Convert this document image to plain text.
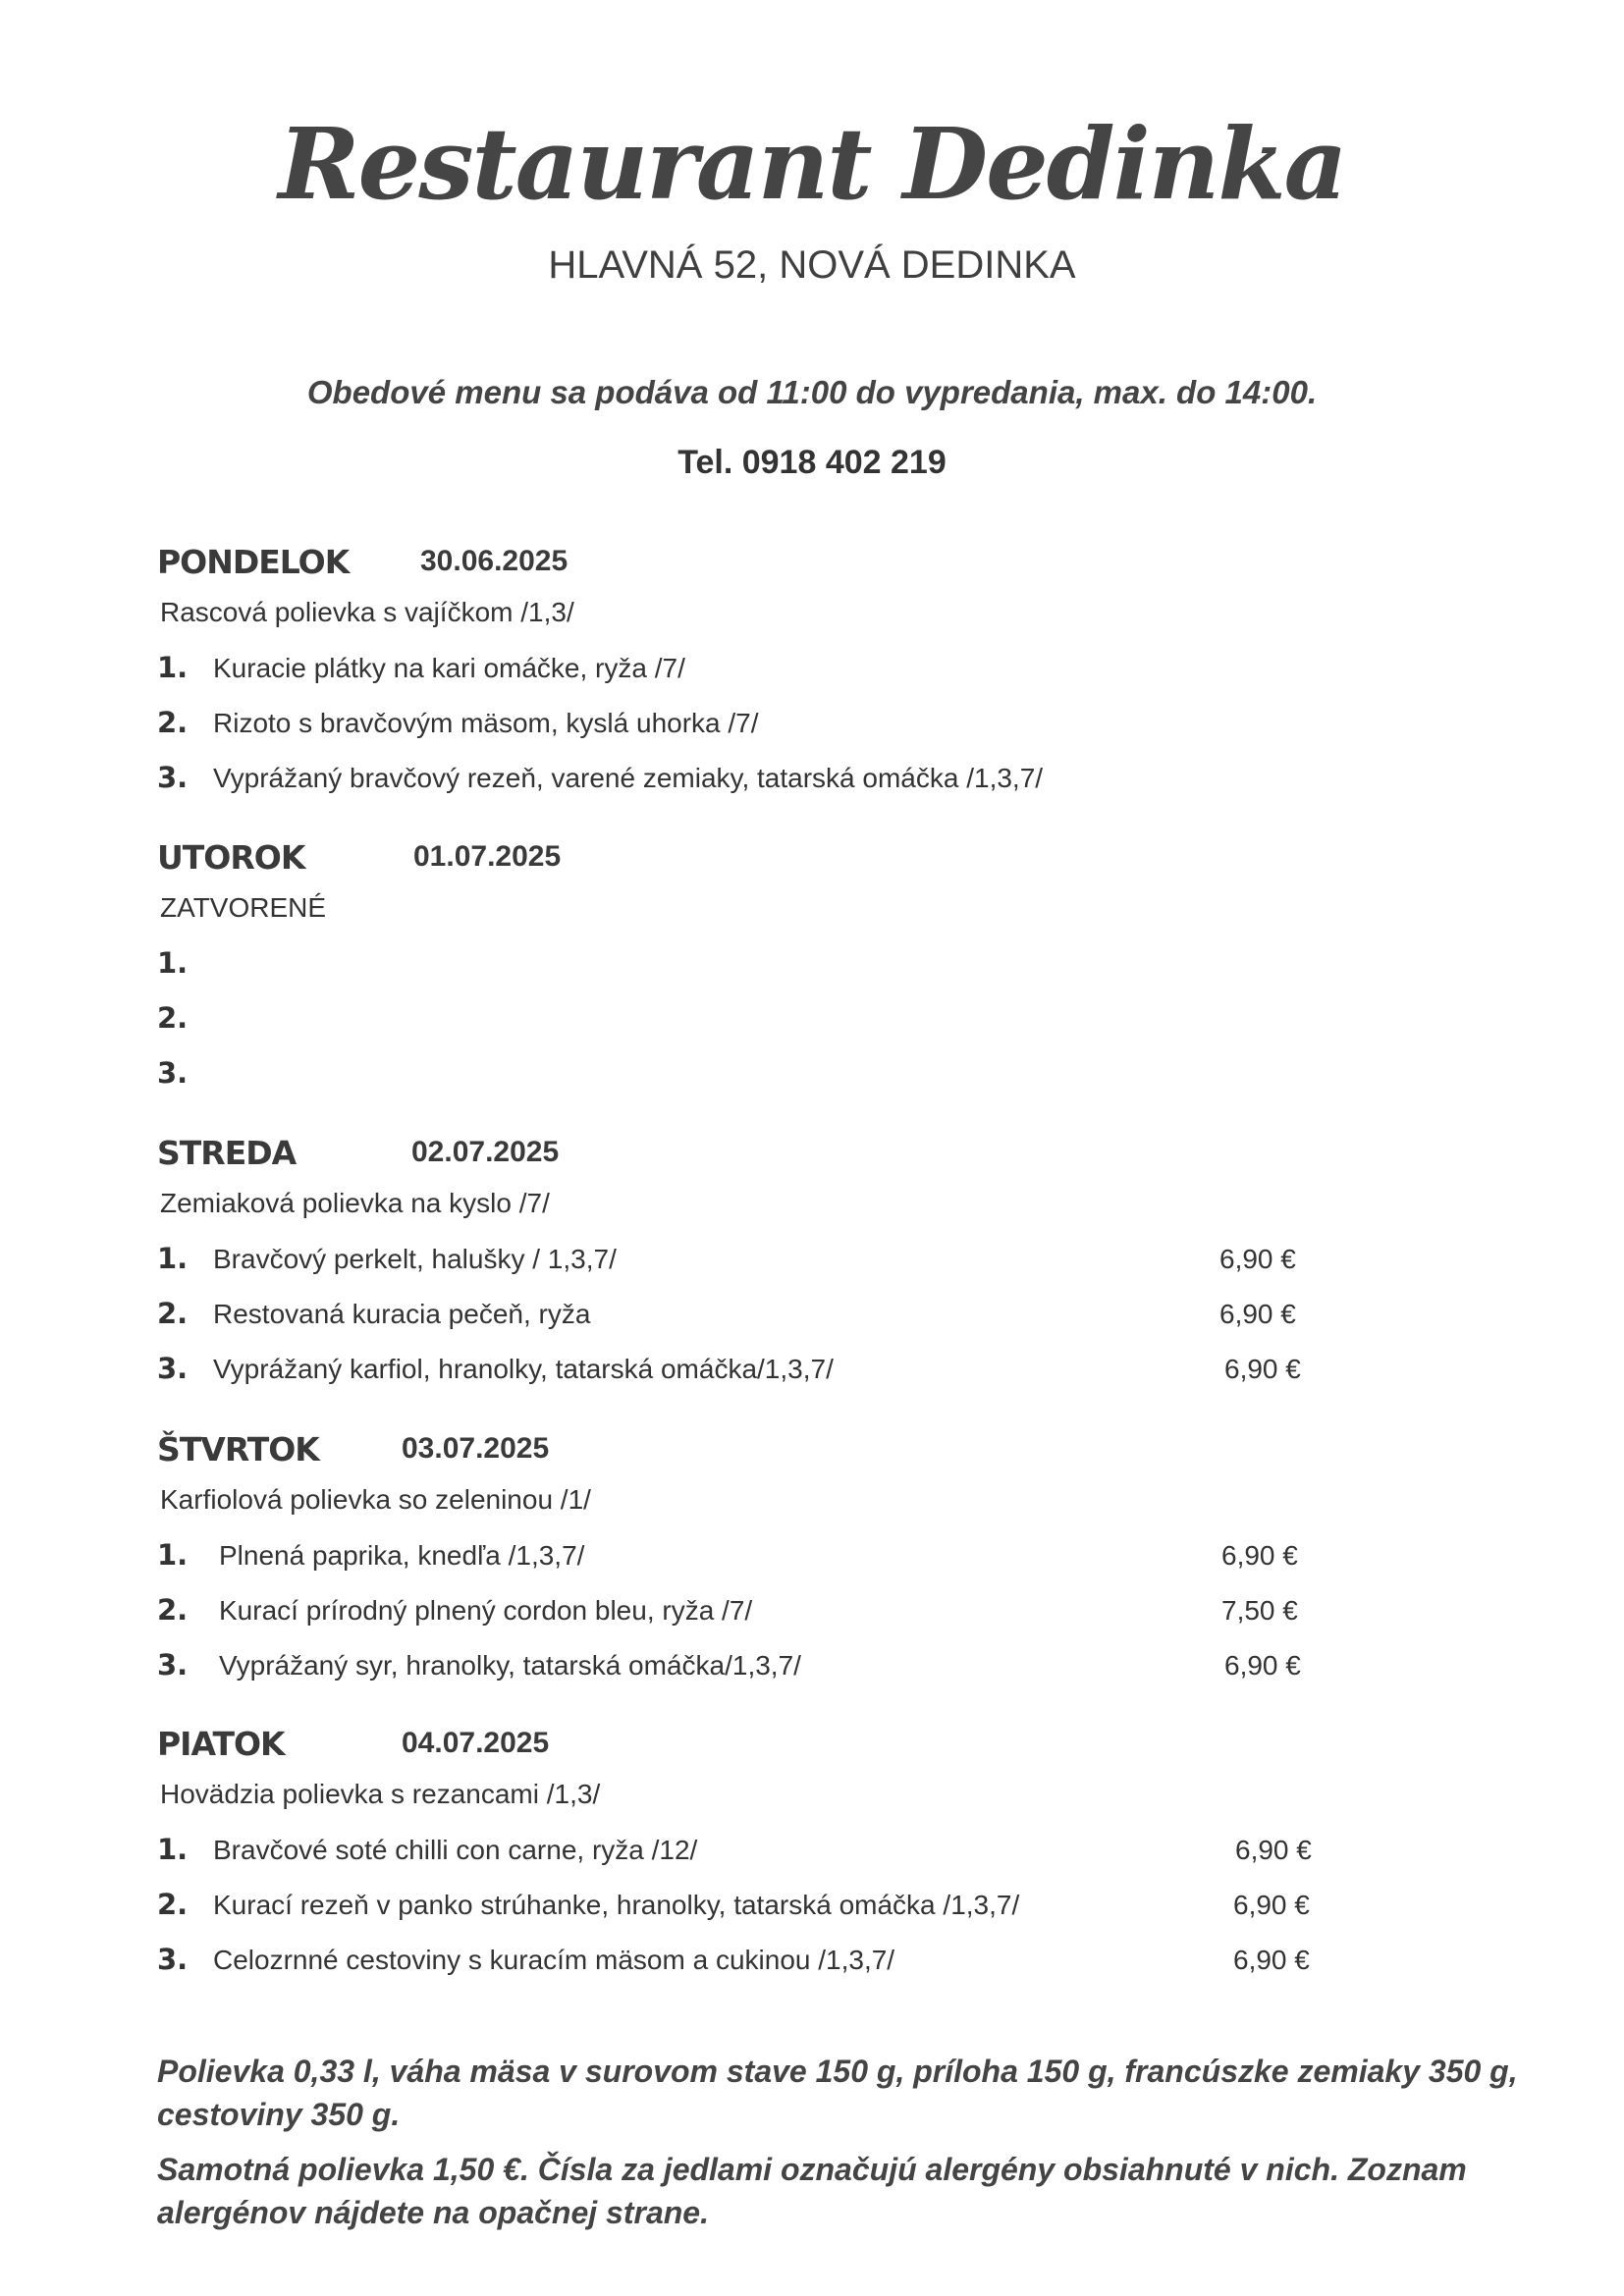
Restaurant Dedinka
HLAVNÁ 52, NOVÁ DEDINKA
Obedové menu sa podáva od 11:00 do vypredania, max. do 14:00.
Tel. 0918 402 219
PONDELOK 30.06.2025
Rascová polievka s vajíčkom /1,3/
1. Kuracie plátky na kari omáčke, ryža /7/
2. Rizoto s bravčovým mäsom, kyslá uhorka /7/
3. Vyprážaný bravčový rezeň, varené zemiaky, tatarská omáčka /1,3,7/
UTOROK	01.07.2025
ZATVORENÉ
1.
2.
3.
STREDA	02.07.2025
Zemiaková polievka na kyslo /7/
1. Bravčový perkelt, halušky / 1,3,7/	6,90 €
2. Restovaná kuracia pečeň, ryža	6,90 €
3. Vyprážaný karfiol, hranolky, tatarská omáčka/1,3,7/	6,90 €
ŠTVRTOK	03.07.2025
Karfiolová polievka so zeleninou /1/
1. Plnená paprika, knedľa /1,3,7/	6,90 €
2. Kurací prírodný plnený cordon bleu, ryža /7/	7,50 €
3. Vyprážaný syr, hranolky, tatarská omáčka/1,3,7/	6,90 €
PIATOK	04.07.2025
Hovädzia polievka s rezancami /1,3/
1. Bravčové soté chilli con carne, ryža /12/	6,90 €
2. Kurací rezeň v panko strúhanke, hranolky, tatarská omáčka /1,3,7/	6,90 €
3. Celozrnné cestoviny s kuracím mäsom a cukinou /1,3,7/	6,90 €
Polievka 0,33 l, váha mäsa v surovom stave 150 g, príloha 150 g, francúszke zemiaky 350 g, cestoviny 350 g.
Samotná polievka 1,50 €. Čísla za jedlami označujú alergény obsiahnuté v nich. Zoznam alergénov nájdete na opačnej strane.
